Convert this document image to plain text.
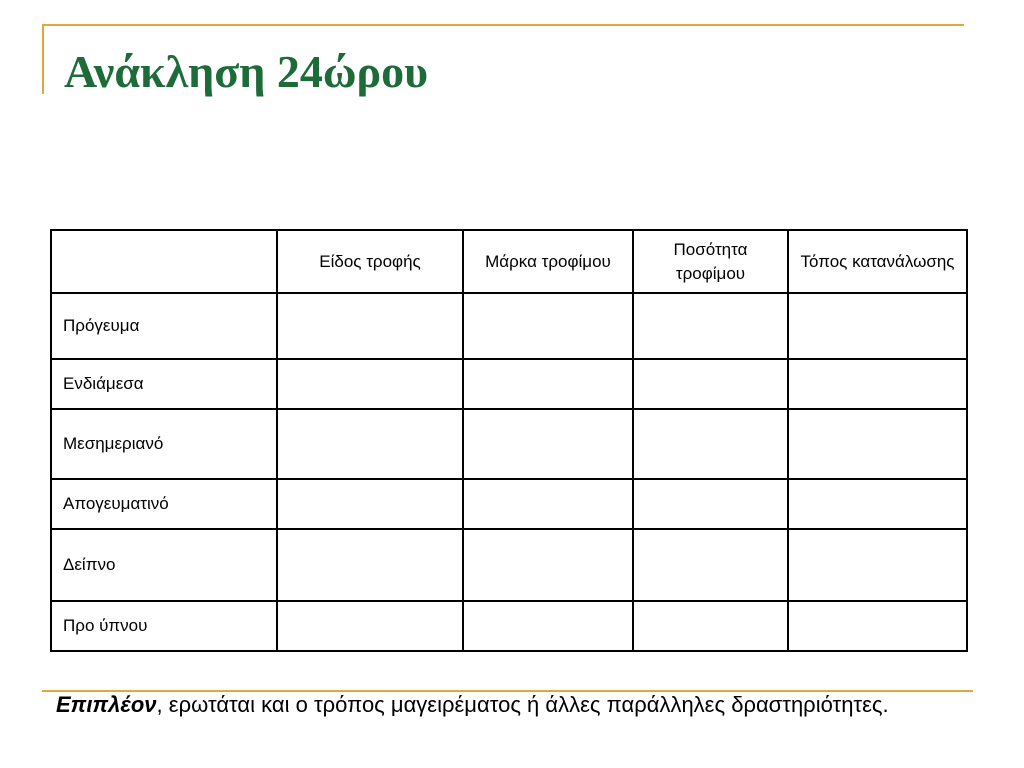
Ανάκληση 24ώρου
	Είδος τροφής	Μάρκα τροφίμου	Ποσότητα τροφίμου	Τόπος κατανάλωσης
Πρόγευμα				
Ενδιάμεσα				
Μεσημεριανό				
Απογευματινό				
Δείπνο				
Προ ύπνου				

Επιπλέον, ερωτάται και ο τρόπος μαγειρέματος ή άλλες παράλληλες δραστηριότητες.
